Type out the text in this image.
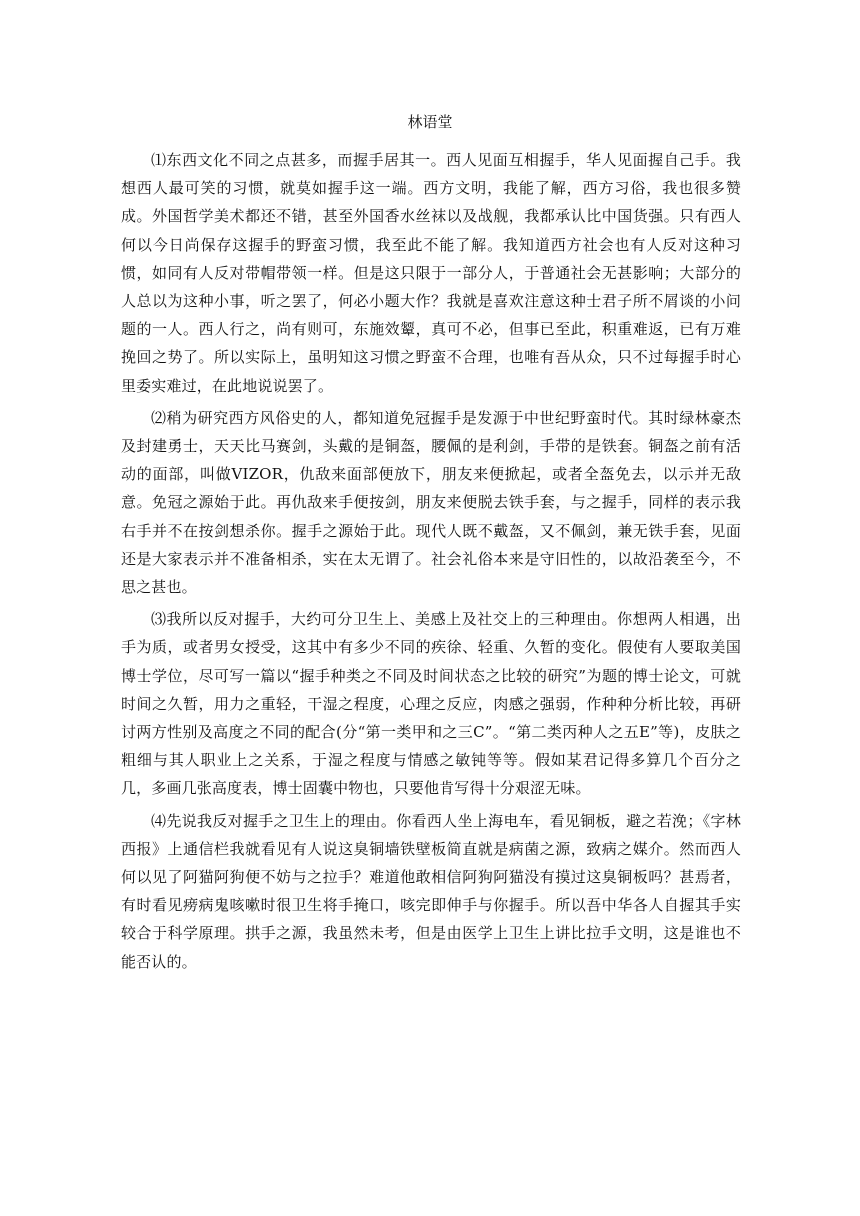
林语堂

⑴东西文化不同之点甚多，而握手居其一。西人见面互相握手，华人见面握自己手。我想西人最可笑的习惯，就莫如握手这一端。西方文明，我能了解，西方习俗，我也很多赞成。外国哲学美术都还不错，甚至外国香水丝袜以及战舰，我都承认比中国货强。只有西人何以今日尚保存这握手的野蛮习惯，我至此不能了解。我知道西方社会也有人反对这种习惯，如同有人反对带帽带领一样。但是这只限于一部分人，于普通社会无甚影响；大部分的人总以为这种小事，听之罢了，何必小题大作？我就是喜欢注意这种士君子所不屑谈的小问题的一人。西人行之，尚有则可，东施效颦，真可不必，但事已至此，积重难返，已有万难挽回之势了。所以实际上，虽明知这习惯之野蛮不合理，也唯有吾从众，只不过每握手时心里委实难过，在此地说说罢了。

⑵稍为研究西方风俗史的人，都知道免冠握手是发源于中世纪野蛮时代。其时绿林豪杰及封建勇士，天天比马赛剑，头戴的是铜盔，腰佩的是利剑，手带的是铁套。铜盔之前有活动的面部，叫做VIZOR，仇敌来面部便放下，朋友来便掀起，或者全盔免去，以示并无敌意。免冠之源始于此。再仇敌来手便按剑，朋友来便脱去铁手套，与之握手，同样的表示我右手并不在按剑想杀你。握手之源始于此。现代人既不戴盔，又不佩剑，兼无铁手套，见面还是大家表示并不准备相杀，实在太无谓了。社会礼俗本来是守旧性的，以故沿袭至今，不思之甚也。

⑶我所以反对握手，大约可分卫生上、美感上及社交上的三种理由。你想两人相遇，出手为质，或者男女授受，这其中有多少不同的疾徐、轻重、久暂的变化。假使有人要取美国博士学位，尽可写一篇以“握手种类之不同及时间状态之比较的研究”为题的博士论文，可就时间之久暂，用力之重轻，干湿之程度，心理之反应，肉感之强弱，作种种分析比较，再研讨两方性别及高度之不同的配合(分“第一类甲和之三C”。“第二类丙种人之五E”等)，皮肤之粗细与其人职业上之关系，于湿之程度与情感之敏钝等等。假如某君记得多算几个百分之几，多画几张高度表，博士固囊中物也，只要他肯写得十分艰涩无味。

⑷先说我反对握手之卫生上的理由。你看西人坐上海电车，看见铜板，避之若浼；《字林西报》上通信栏我就看见有人说这臭铜墙铁壁板简直就是病菌之源，致病之媒介。然而西人何以见了阿猫阿狗便不妨与之拉手？难道他敢相信阿狗阿猫没有摸过这臭铜板吗？甚焉者，有时看见痨病鬼咳嗽时很卫生将手掩口，咳完即伸手与你握手。所以吾中华各人自握其手实较合于科学原理。拱手之源，我虽然未考，但是由医学上卫生上讲比拉手文明，这是谁也不能否认的。
